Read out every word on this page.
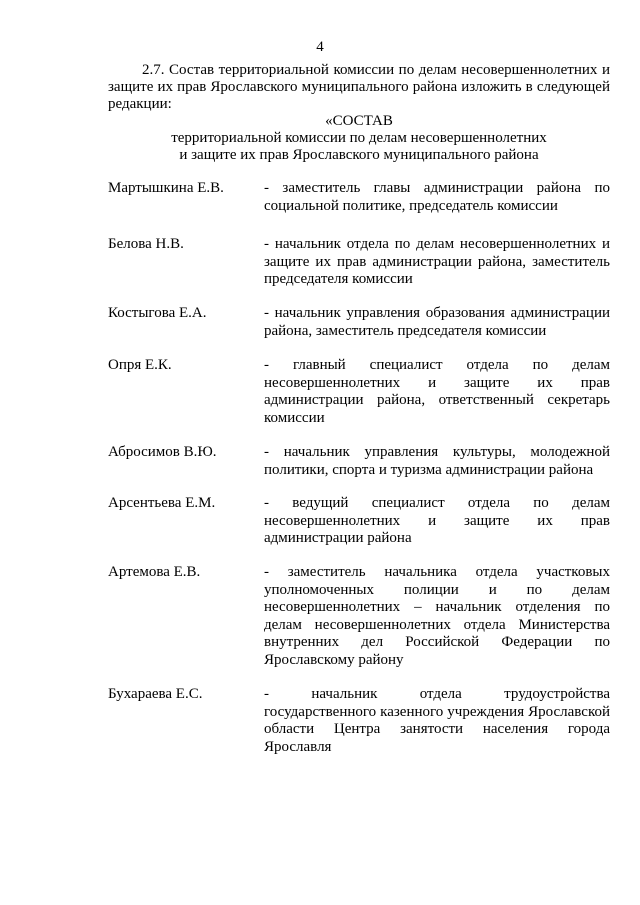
4
2.7. Состав территориальной комиссии по делам несовершеннолетних и защите их прав Ярославского муниципального района изложить в следующей редакции:
«СОСТАВ
территориальной комиссии по делам несовершеннолетних
и защите их прав Ярославского муниципального района
Мартышкина Е.В.	- заместитель главы администрации района по социальной политике, председатель комиссии
Белова Н.В.	- начальник отдела по делам несовершеннолетних и защите их прав администрации района, заместитель председателя комиссии
Костыгова Е.А.	- начальник управления образования администрации района, заместитель председателя комиссии
Опря Е.К.	- главный специалист отдела по делам несовершеннолетних и защите их прав администрации района, ответственный секретарь комиссии
Абросимов В.Ю.	- начальник управления культуры, молодежной политики, спорта и туризма администрации района
Арсентьева Е.М.	- ведущий специалист отдела по делам несовершеннолетних и защите их прав администрации района
Артемова Е.В.	- заместитель начальника отдела участковых уполномоченных полиции и по делам несовершеннолетних – начальник отделения по делам несовершеннолетних отдела Министерства внутренних дел Российской Федерации по Ярославскому району
Бухараева Е.С.	- начальник отдела трудоустройства государственного казенного учреждения Ярославской области Центра занятости населения города Ярославля
